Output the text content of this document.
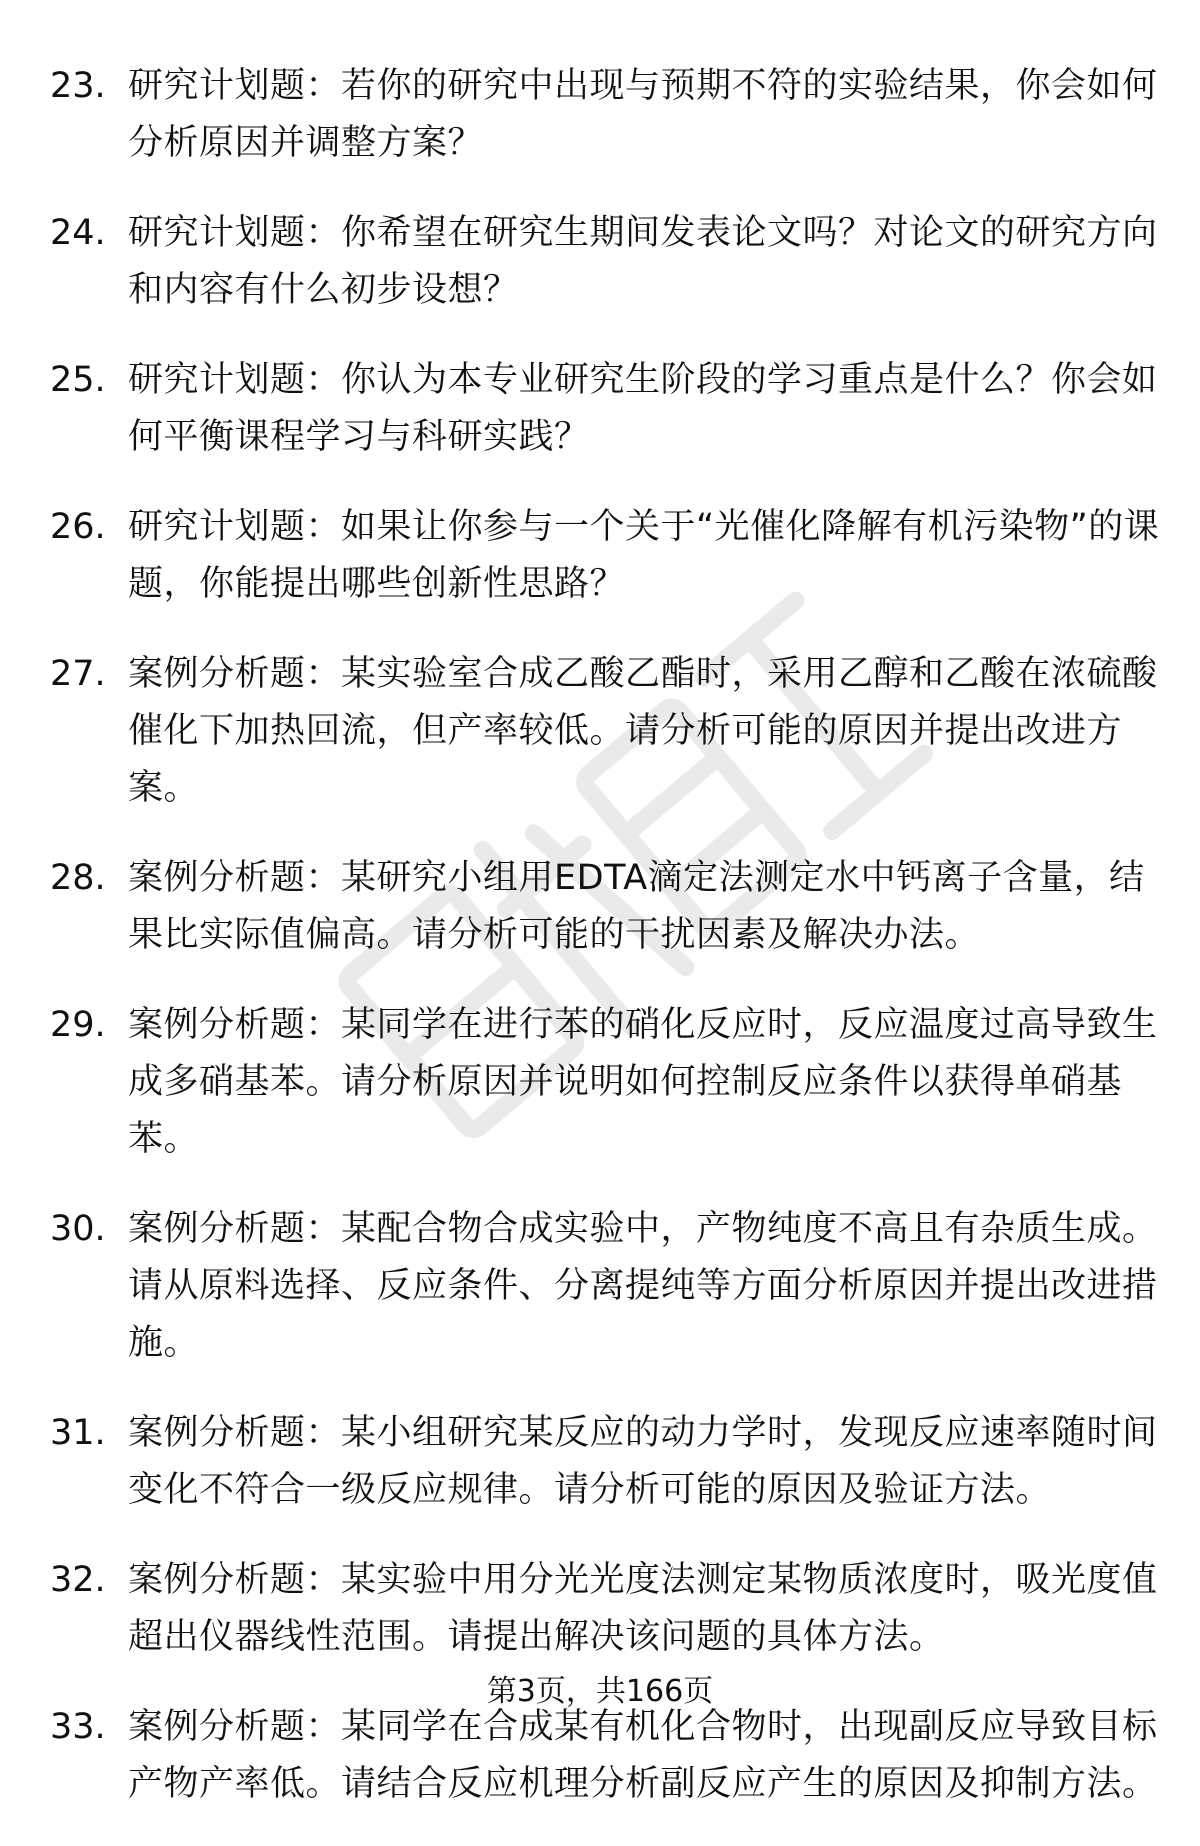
23. 研究计划题：若你的研究中出现与预期不符的实验结果，你会如何分析原因并调整方案？
24. 研究计划题：你希望在研究生期间发表论文吗？对论文的研究方向和内容有什么初步设想？
25. 研究计划题：你认为本专业研究生阶段的学习重点是什么？你会如何平衡课程学习与科研实践？
26. 研究计划题：如果让你参与一个关于“光催化降解有机污染物”的课题，你能提出哪些创新性思路？
27. 案例分析题：某实验室合成乙酸乙酯时，采用乙醇和乙酸在浓硫酸催化下加热回流，但产率较低。请分析可能的原因并提出改进方案。
28. 案例分析题：某研究小组用EDTA滴定法测定水中钙离子含量，结果比实际值偏高。请分析可能的干扰因素及解决办法。
29. 案例分析题：某同学在进行苯的硝化反应时，反应温度过高导致生成多硝基苯。请分析原因并说明如何控制反应条件以获得单硝基苯。
30. 案例分析题：某配合物合成实验中，产物纯度不高且有杂质生成。请从原料选择、反应条件、分离提纯等方面分析原因并提出改进措施。
31. 案例分析题：某小组研究某反应的动力学时，发现反应速率随时间变化不符合一级反应规律。请分析可能的原因及验证方法。
32. 案例分析题：某实验中用分光光度法测定某物质浓度时，吸光度值超出仪器线性范围。请提出解决该问题的具体方法。
33. 案例分析题：某同学在合成某有机化合物时，出现副反应导致目标产物产率低。请结合反应机理分析副反应产生的原因及抑制方法。
第3页，共166页
